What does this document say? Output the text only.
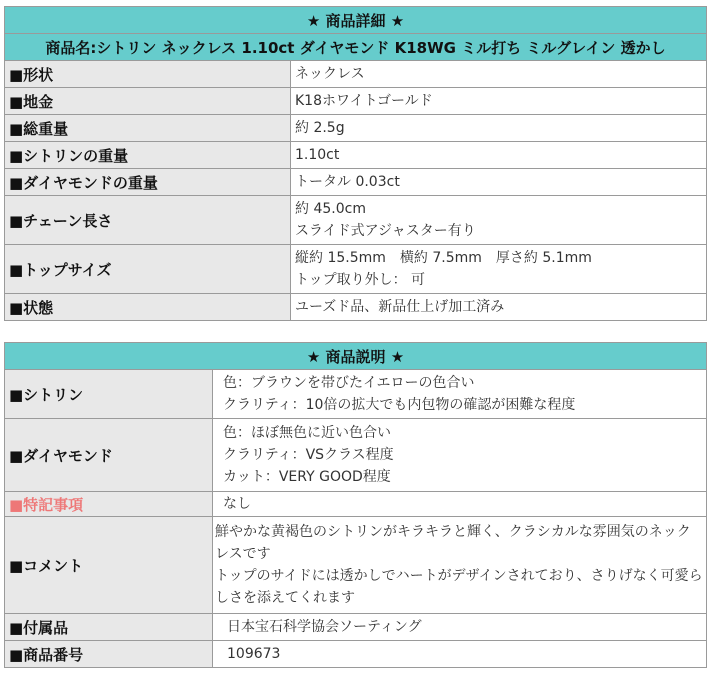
★ 商品詳細 ★	
商品名:シトリン ネックレス 1.10ct ダイヤモンド K18WG ミル打ち ミルグレイン 透かし	
■形状	ネックレス
■地金	K18ホワイトゴールド
■総重量	約 2.5g
■シトリンの重量	1.10ct
■ダイヤモンドの重量	トータル 0.03ct
■チェーン長さ	約 45.0cm
スライド式アジャスター有り

■トップサイズ	縦約 15.5mm　横約 7.5mm　厚さ約 5.1mm
トップ取り外し： 可

■状態	ユーズド品、新品仕上げ加工済み
★ 商品説明 ★	
■シトリン	色：ブラウンを帯びたイエローの色合い
クラリティ：10倍の拡大でも内包物の確認が困難な程度

■ダイヤモンド	色：ほぼ無色に近い色合い
クラリティ：VSクラス程度
カット：VERY GOOD程度

■特記事項	なし
■コメント	鮮やかな黄褐色のシトリンがキラキラと輝く、クラシカルな雰囲気のネックレスです
トップのサイドには透かしでハートがデザインされており、さりげなく可愛らしさを添えてくれます

■付属品	日本宝石科学協会ソーティング
■商品番号	109673
